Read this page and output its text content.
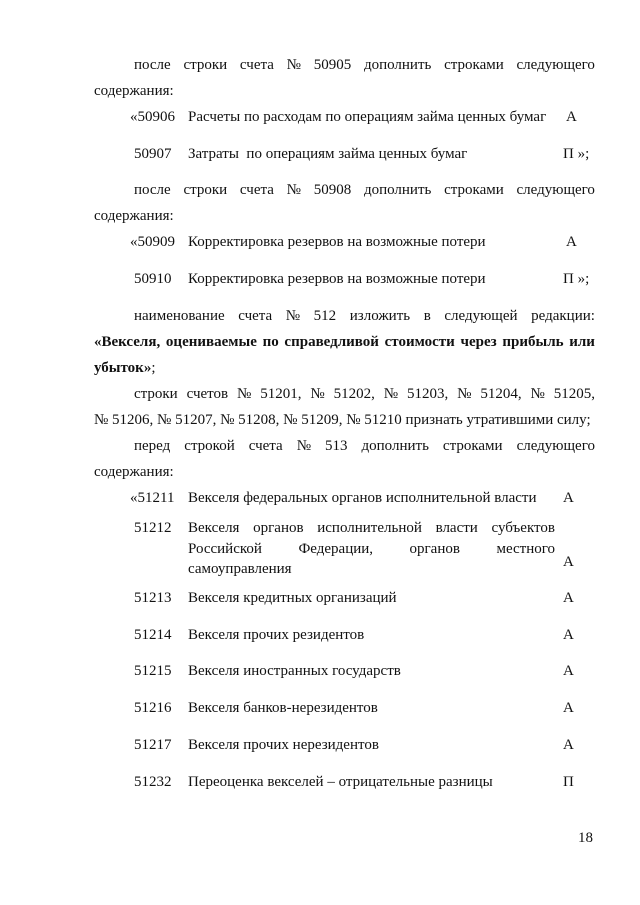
после строки счета № 50905 дополнить строками следующего
содержания:
«50906 Расчеты по расходам по операциям займа ценных бумаг А
50907 Затраты  по операциям займа ценных бумаг	П »;
после строки счета № 50908 дополнить строками следующего
содержания:
«50909 Корректировка резервов на возможные потери	А
50910 Корректировка резервов на возможные потери	П »;
наименование счета № 512 изложить в следующей редакции:
«Векселя, оцениваемые по справедливой стоимости через прибыль или
убыток»;
строки счетов № 51201, № 51202, № 51203, № 51204, № 51205,
№ 51206, № 51207, № 51208, № 51209, № 51210 признать утратившими силу;
перед строкой счета № 513 дополнить строками следующего
содержания:
«51211 Векселя федеральных органов исполнительной власти А
51212 Векселя органов исполнительной власти субъектов
Российской Федерации, органов местного
самоуправления	А
51213 Векселя кредитных организаций	А
51214 Векселя прочих резидентов	А
51215 Векселя иностранных государств	А
51216 Векселя банков-нерезидентов	А
51217 Векселя прочих нерезидентов	А
51232 Переоценка векселей – отрицательные разницы	П
18
